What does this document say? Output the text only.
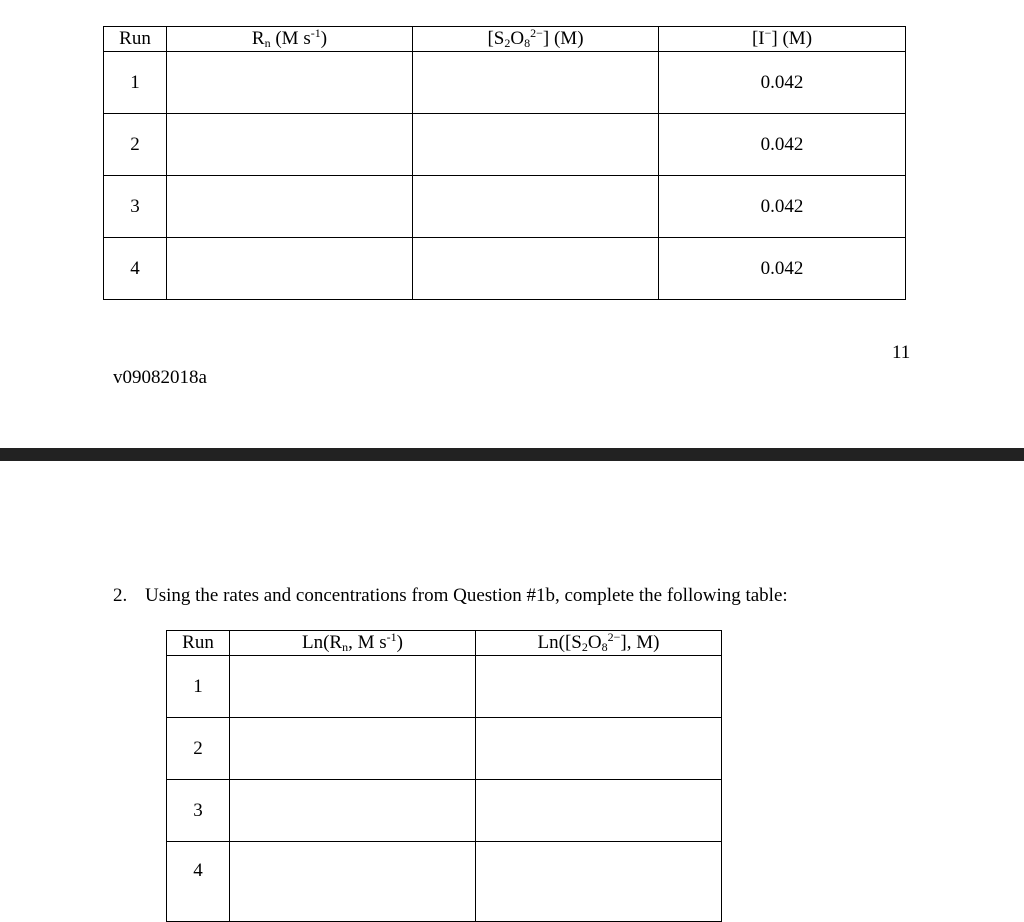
Run	$R_n$ (M $s^{-1}$)	$[S_2O_8^{2-}]$ (M)	[I−] (M)
1			0.042
2			0.042
3			0.042
4			0.042
11
v09082018a
2. Using the rates and concentrations from Question #1b, complete the following table:
Run	$Ln(R_n$, M $s^{-1}$)	$Ln([S_2O_8^{2-}]$, M)
1		
2		
3		
4		
